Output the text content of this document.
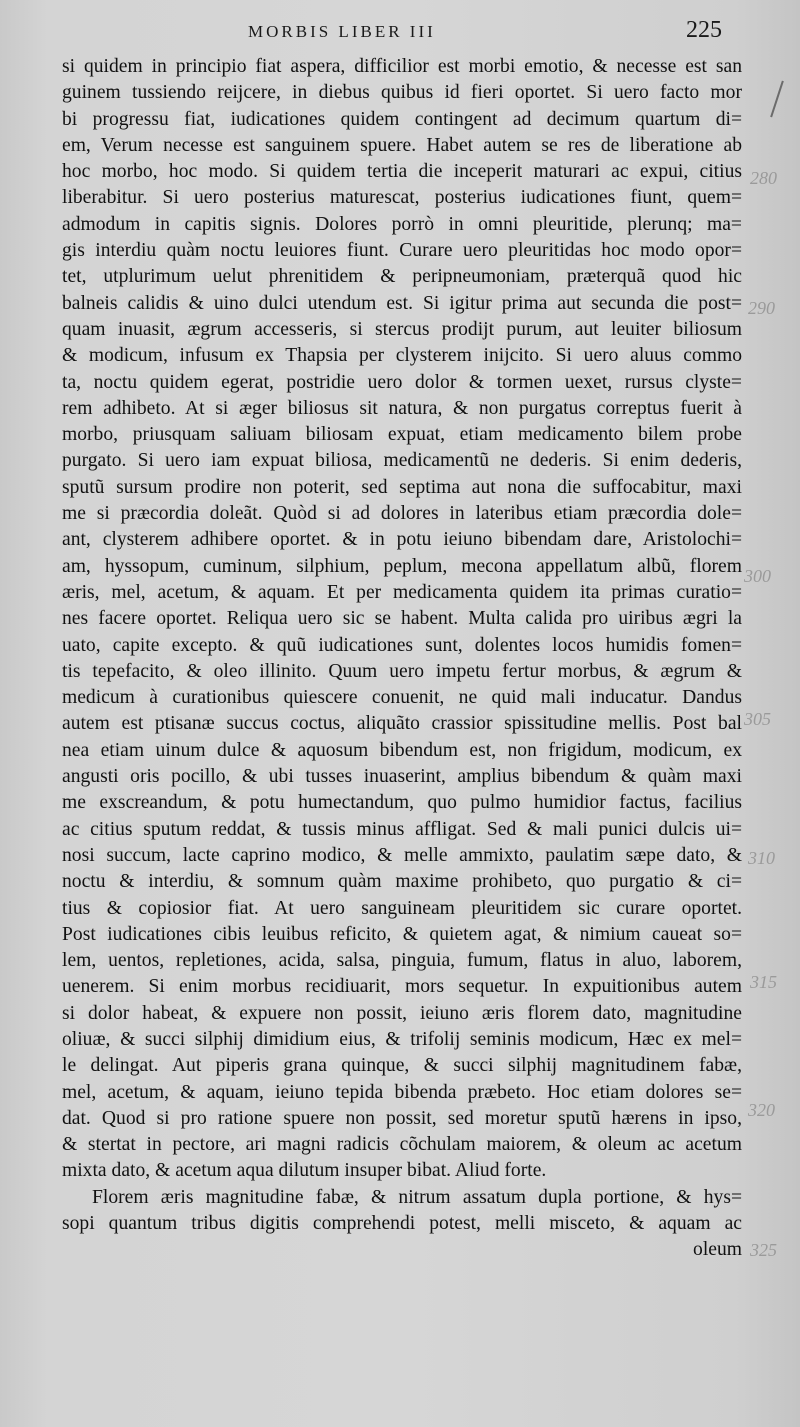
MORBIS LIBER III	225
si quidem in principio fiat aspera, difficilior est morbi emotio, & necesse est san
guinem tussiendo reijcere, in diebus quibus id fieri oportet. Si uero facto mor
bi progressu fiat, iudicationes quidem contingent ad decimum quartum di=
em, Verum necesse est sanguinem spuere. Habet autem se res de liberatione ab
hoc morbo, hoc modo. Si quidem tertia die inceperit maturari ac expui, citius
liberabitur. Si uero posterius maturescat, posterius iudicationes fiunt, quem=
admodum in capitis signis. Dolores porrò in omni pleuritide, plerunq; ma=
gis interdiu quàm noctu leuiores fiunt. Curare uero pleuritidas hoc modo opor=
tet, utplurimum uelut phrenitidem & peripneumoniam, præterquã quod hic
balneis calidis & uino dulci utendum est. Si igitur prima aut secunda die post=
quam inuasit, ægrum accesseris, si stercus prodijt purum, aut leuiter biliosum
& modicum, infusum ex Thapsia per clysterem inijcito. Si uero aluus commo
ta, noctu quidem egerat, postridie uero dolor & tormen uexet, rursus clyste=
rem adhibeto. At si æger biliosus sit natura, & non purgatus correptus fuerit à
morbo, priusquam saliuam biliosam expuat, etiam medicamento bilem probe
purgato. Si uero iam expuat biliosa, medicamentũ ne dederis. Si enim dederis,
sputũ sursum prodire non poterit, sed septima aut nona die suffocabitur, maxi
me si præcordia doleãt. Quòd si ad dolores in lateribus etiam præcordia dole=
ant, clysterem adhibere oportet. & in potu ieiuno bibendam dare, Aristolochi=
am, hyssopum, cuminum, silphium, peplum, mecona appellatum albũ, florem
æris, mel, acetum, & aquam. Et per medicamenta quidem ita primas curatio=
nes facere oportet. Reliqua uero sic se habent. Multa calida pro uiribus ægri la
uato, capite excepto. & quũ iudicationes sunt, dolentes locos humidis fomen=
tis tepefacito, & oleo illinito. Quum uero impetu fertur morbus, & ægrum &
medicum à curationibus quiescere conuenit, ne quid mali inducatur. Dandus
autem est ptisanæ succus coctus, aliquãto crassior spissitudine mellis. Post bal
nea etiam uinum dulce & aquosum bibendum est, non frigidum, modicum, ex
angusti oris pocillo, & ubi tusses inuaserint, amplius bibendum & quàm maxi
me exscreandum, & potu humectandum, quo pulmo humidior factus, facilius
ac citius sputum reddat, & tussis minus affligat. Sed & mali punici dulcis ui=
nosi succum, lacte caprino modico, & melle ammixto, paulatim sæpe dato, &
noctu & interdiu, & somnum quàm maxime prohibeto, quo purgatio & ci=
tius & copiosior fiat. At uero sanguineam pleuritidem sic curare oportet.
Post iudicationes cibis leuibus reficito, & quietem agat, & nimium caueat so=
lem, uentos, repletiones, acida, salsa, pinguia, fumum, flatus in aluo, laborem,
uenerem. Si enim morbus recidiuarit, mors sequetur. In expuitionibus autem
si dolor habeat, & expuere non possit, ieiuno æris florem dato, magnitudine
oliuæ, & succi silphij dimidium eius, & trifolij seminis modicum, Hæc ex mel=
le delingat. Aut piperis grana quinque, & succi silphij magnitudinem fabæ,
mel, acetum, & aquam, ieiuno tepida bibenda præbeto. Hoc etiam dolores se=
dat. Quod si pro ratione spuere non possit, sed moretur sputũ hærens in ipso,
& stertat in pectore, ari magni radicis cõchulam maiorem, & oleum ac acetum
mixta dato, & acetum aqua dilutum insuper bibat. Aliud forte.
Florem æris magnitudine fabæ, & nitrum assatum dupla portione, & hys=
sopi quantum tribus digitis comprehendi potest, melli misceto, & aquam ac
oleum
280
290
300
305
310
315
320
325
